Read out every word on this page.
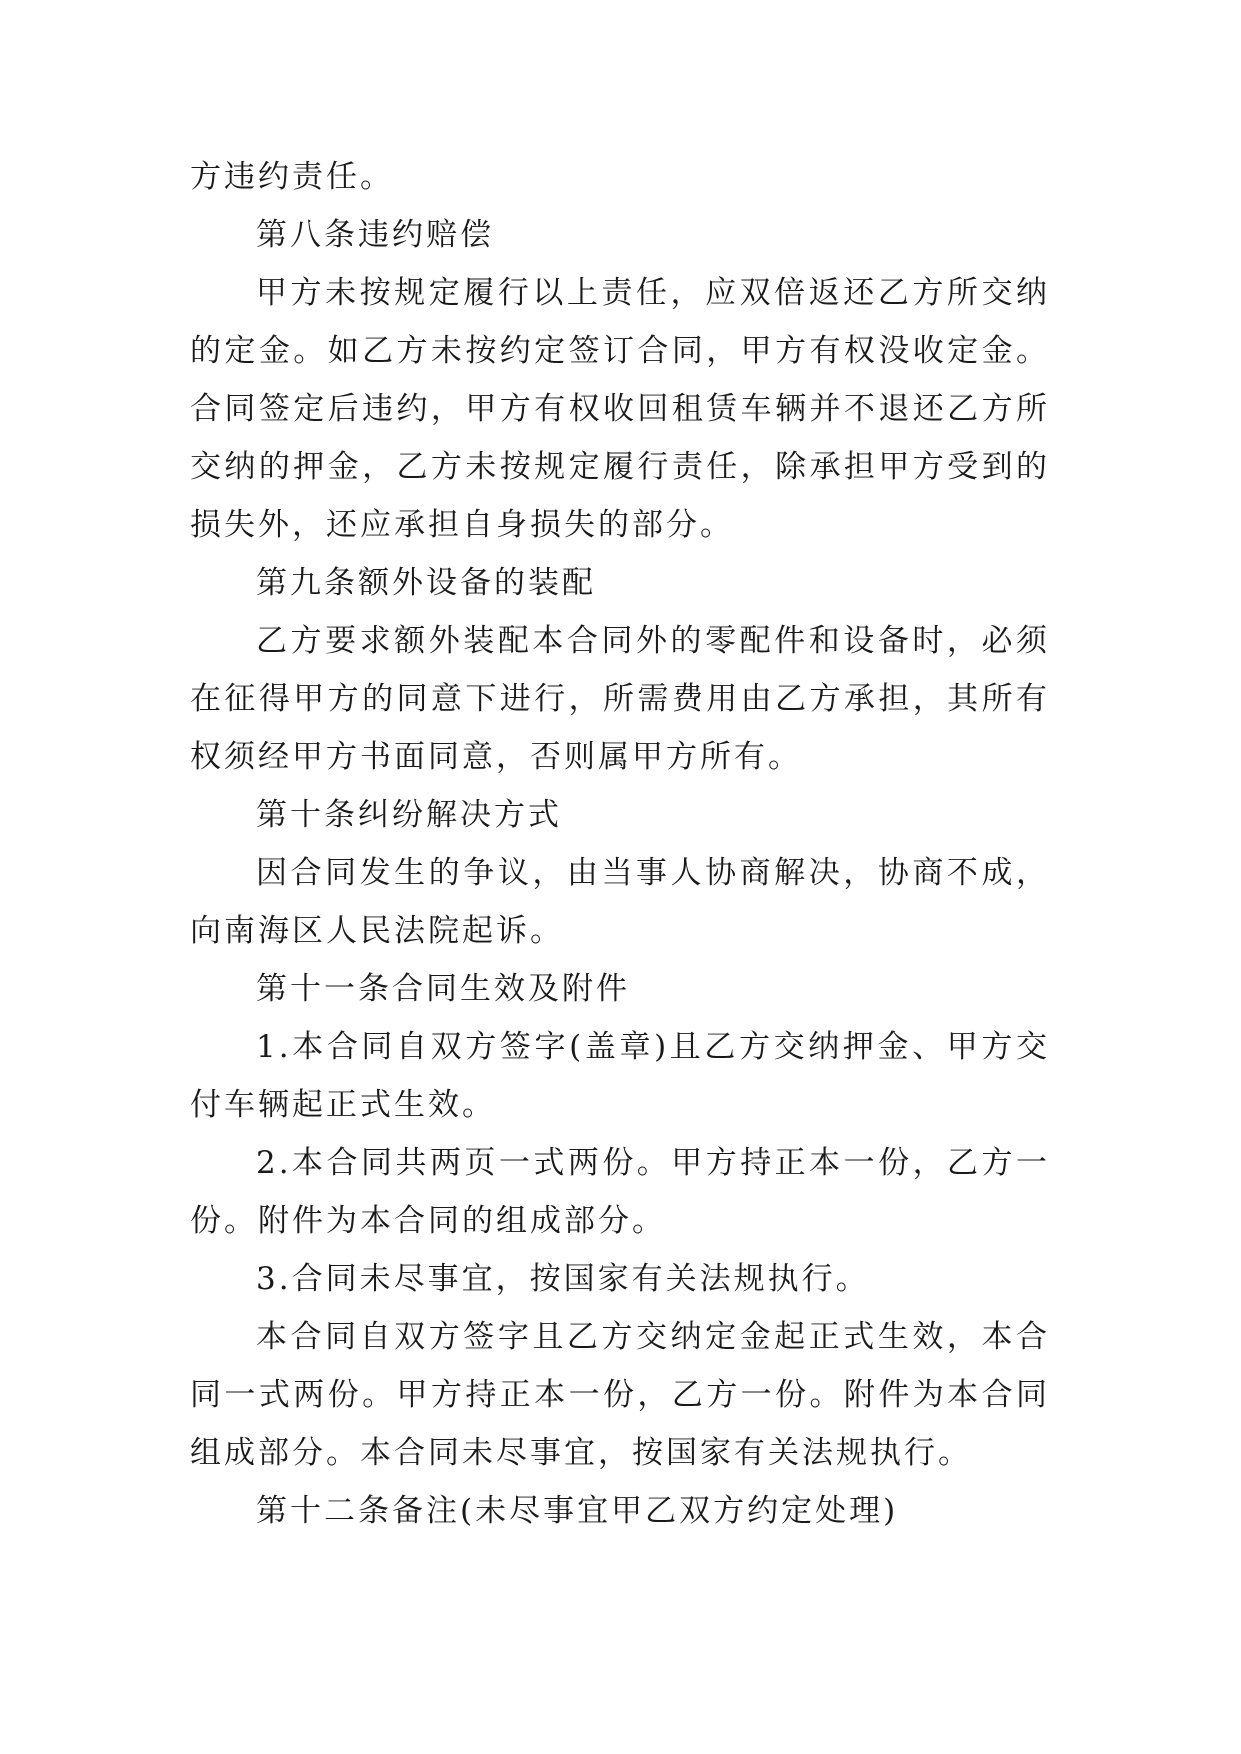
方违约责任。

第八条违约赔偿

甲方未按规定履行以上责任，应双倍返还乙方所交纳的定金。如乙方未按约定签订合同，甲方有权没收定金。合同签定后违约，甲方有权收回租赁车辆并不退还乙方所交纳的押金，乙方未按规定履行责任，除承担甲方受到的损失外，还应承担自身损失的部分。

第九条额外设备的装配

乙方要求额外装配本合同外的零配件和设备时，必须在征得甲方的同意下进行，所需费用由乙方承担，其所有权须经甲方书面同意，否则属甲方所有。

第十条纠纷解决方式

因合同发生的争议，由当事人协商解决，协商不成，向南海区人民法院起诉。

第十一条合同生效及附件

1.本合同自双方签字(盖章)且乙方交纳押金、甲方交付车辆起正式生效。

2.本合同共两页一式两份。甲方持正本一份，乙方一份。附件为本合同的组成部分。

3.合同未尽事宜，按国家有关法规执行。

本合同自双方签字且乙方交纳定金起正式生效，本合同一式两份。甲方持正本一份，乙方一份。附件为本合同组成部分。本合同未尽事宜，按国家有关法规执行。

第十二条备注(未尽事宜甲乙双方约定处理)
